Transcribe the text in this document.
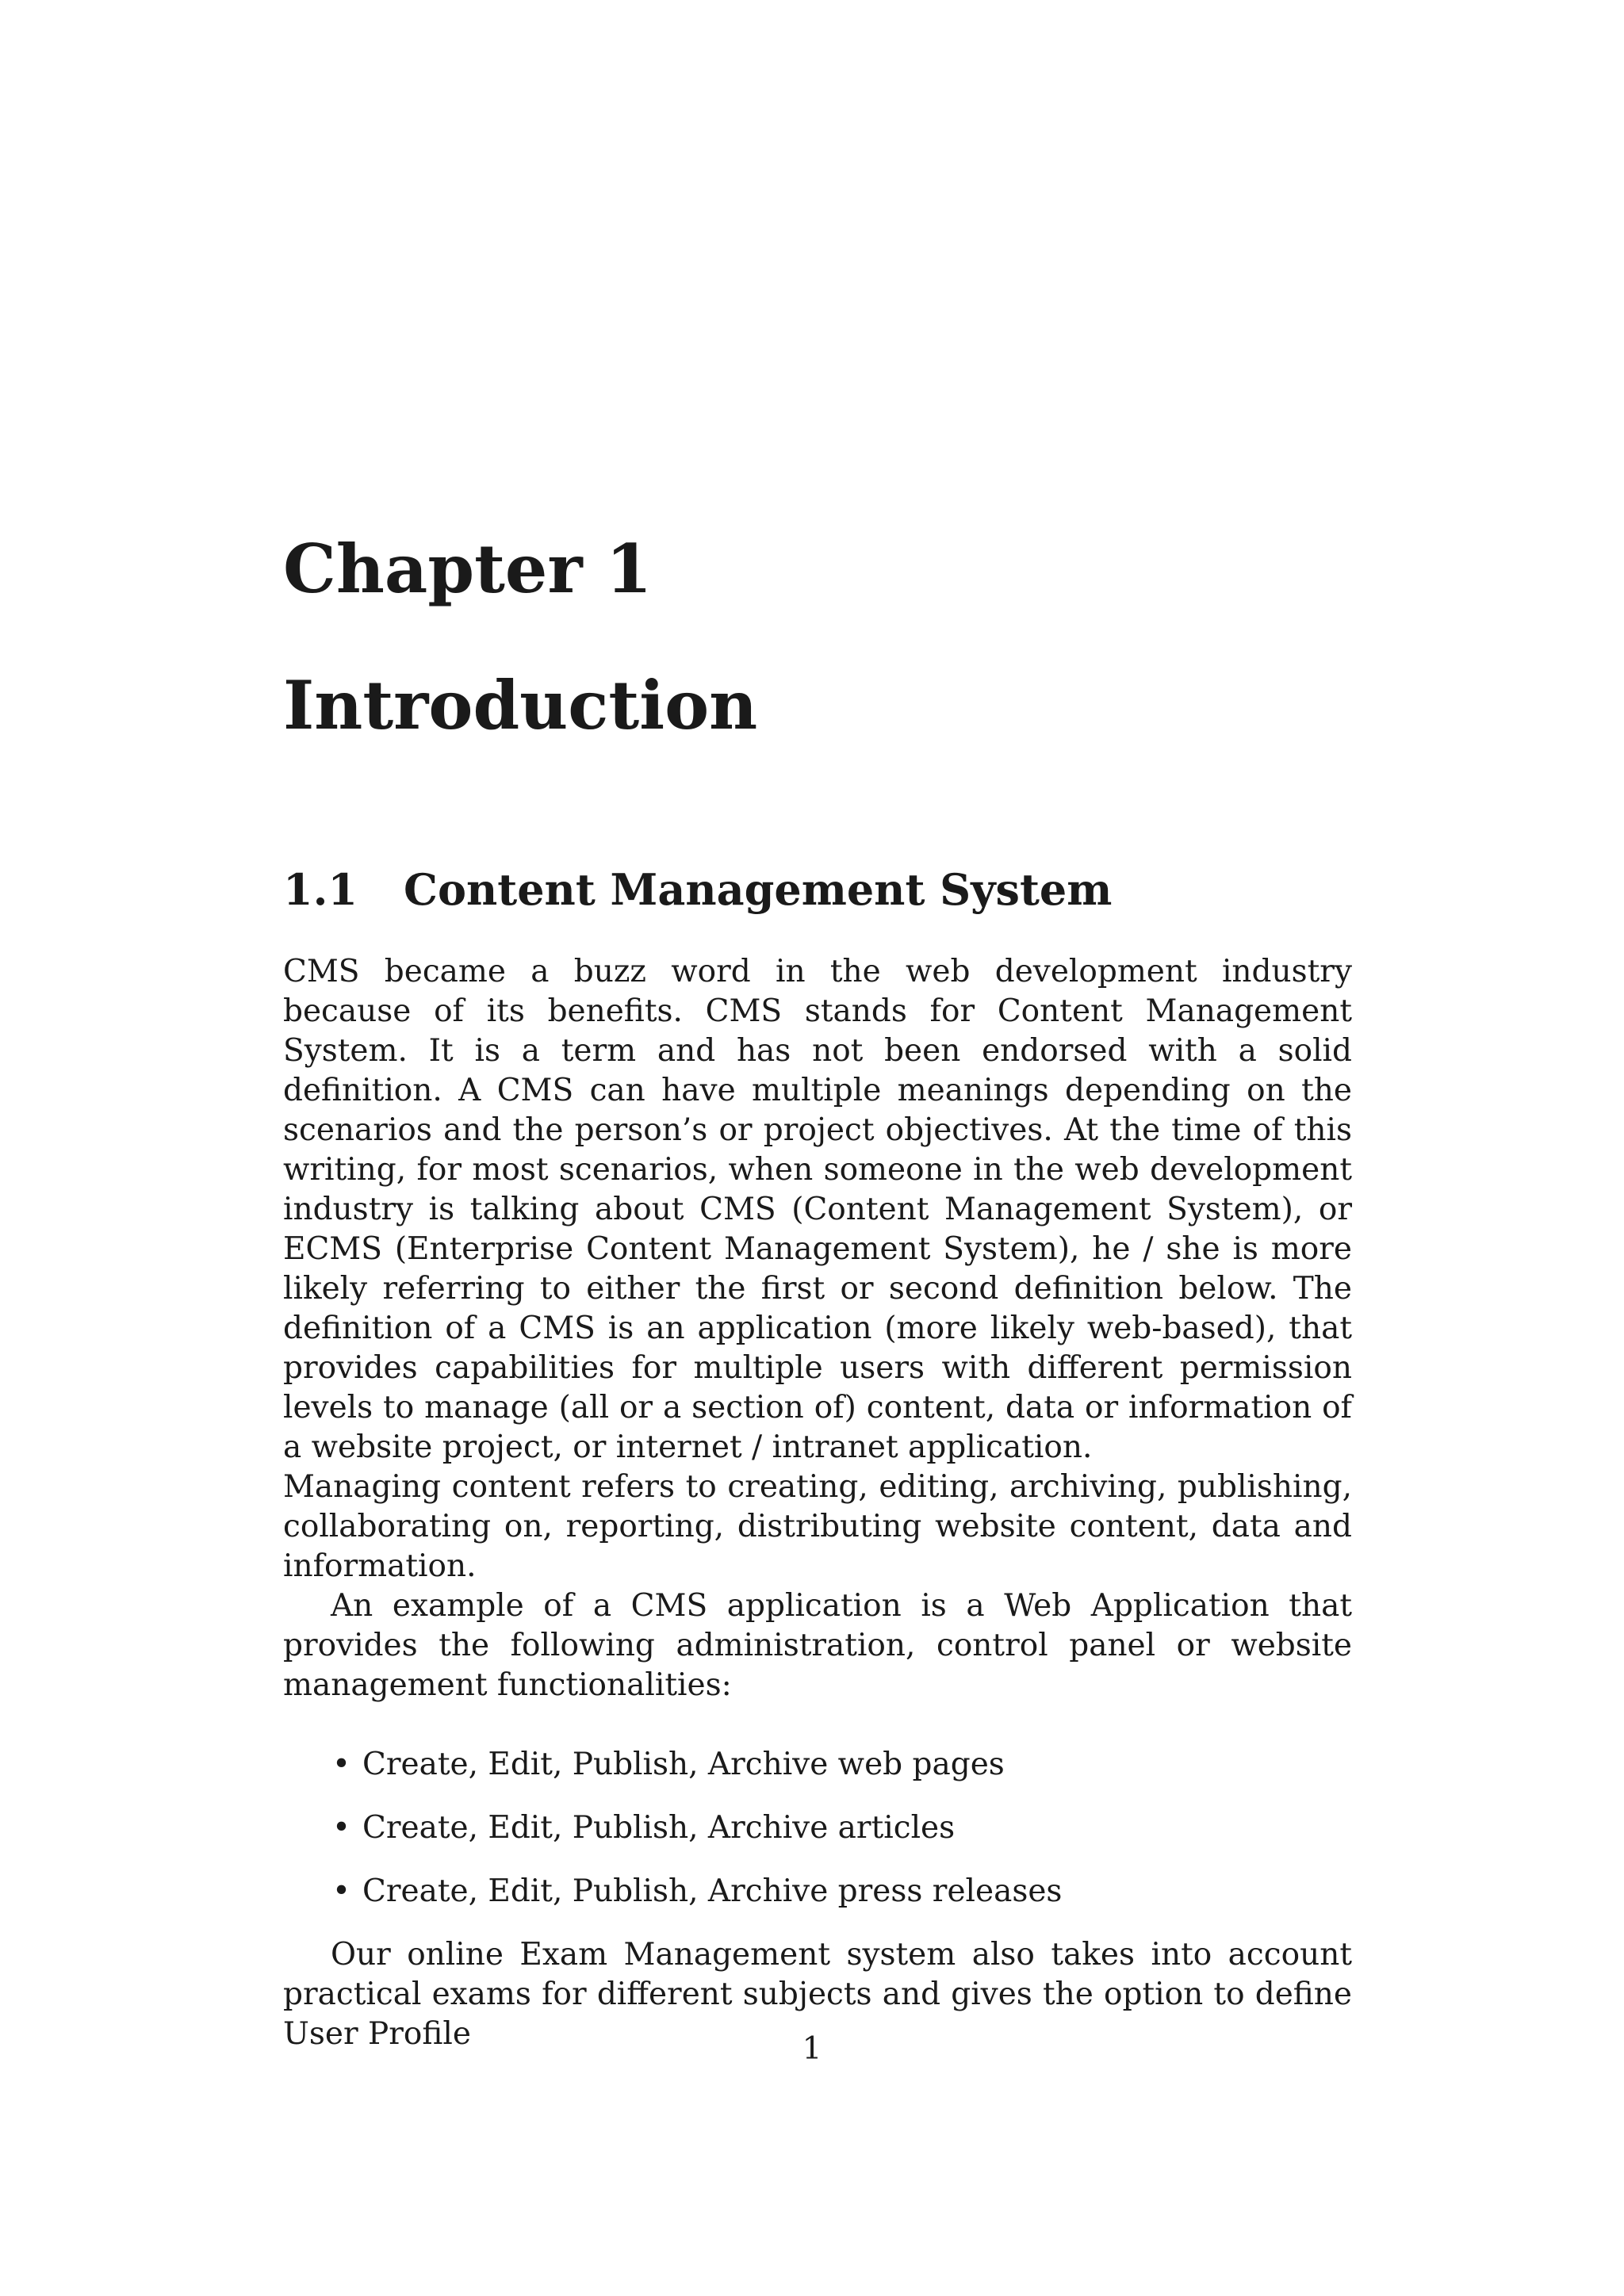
Chapter 1
Introduction
1.1 Content Management System

CMS became a buzz word in the web development industry because of its benefits. CMS stands for Content Management System. It is a term and has not been endorsed with a solid definition. A CMS can have multiple meanings depending on the scenarios and the person’s or project objectives. At the time of this writing, for most scenarios, when someone in the web development industry is talking about CMS (Content Management System), or ECMS (Enterprise Content Management System), he / she is more likely referring to either the first or second definition below. The definition of a CMS is an application (more likely web-based), that provides capabilities for multiple users with different permission levels to manage (all or a section of) content, data or information of a website project, or internet / intranet application.

Managing content refers to creating, editing, archiving, publishing, collaborating on, reporting, distributing website content, data and information.

An example of a CMS application is a Web Application that provides the following administration, control panel or website management functionalities:

• Create, Edit, Publish, Archive web pages
• Create, Edit, Publish, Archive articles
• Create, Edit, Publish, Archive press releases

Our online Exam Management system also takes into account practical exams for different subjects and gives the option to define User Profile	1
